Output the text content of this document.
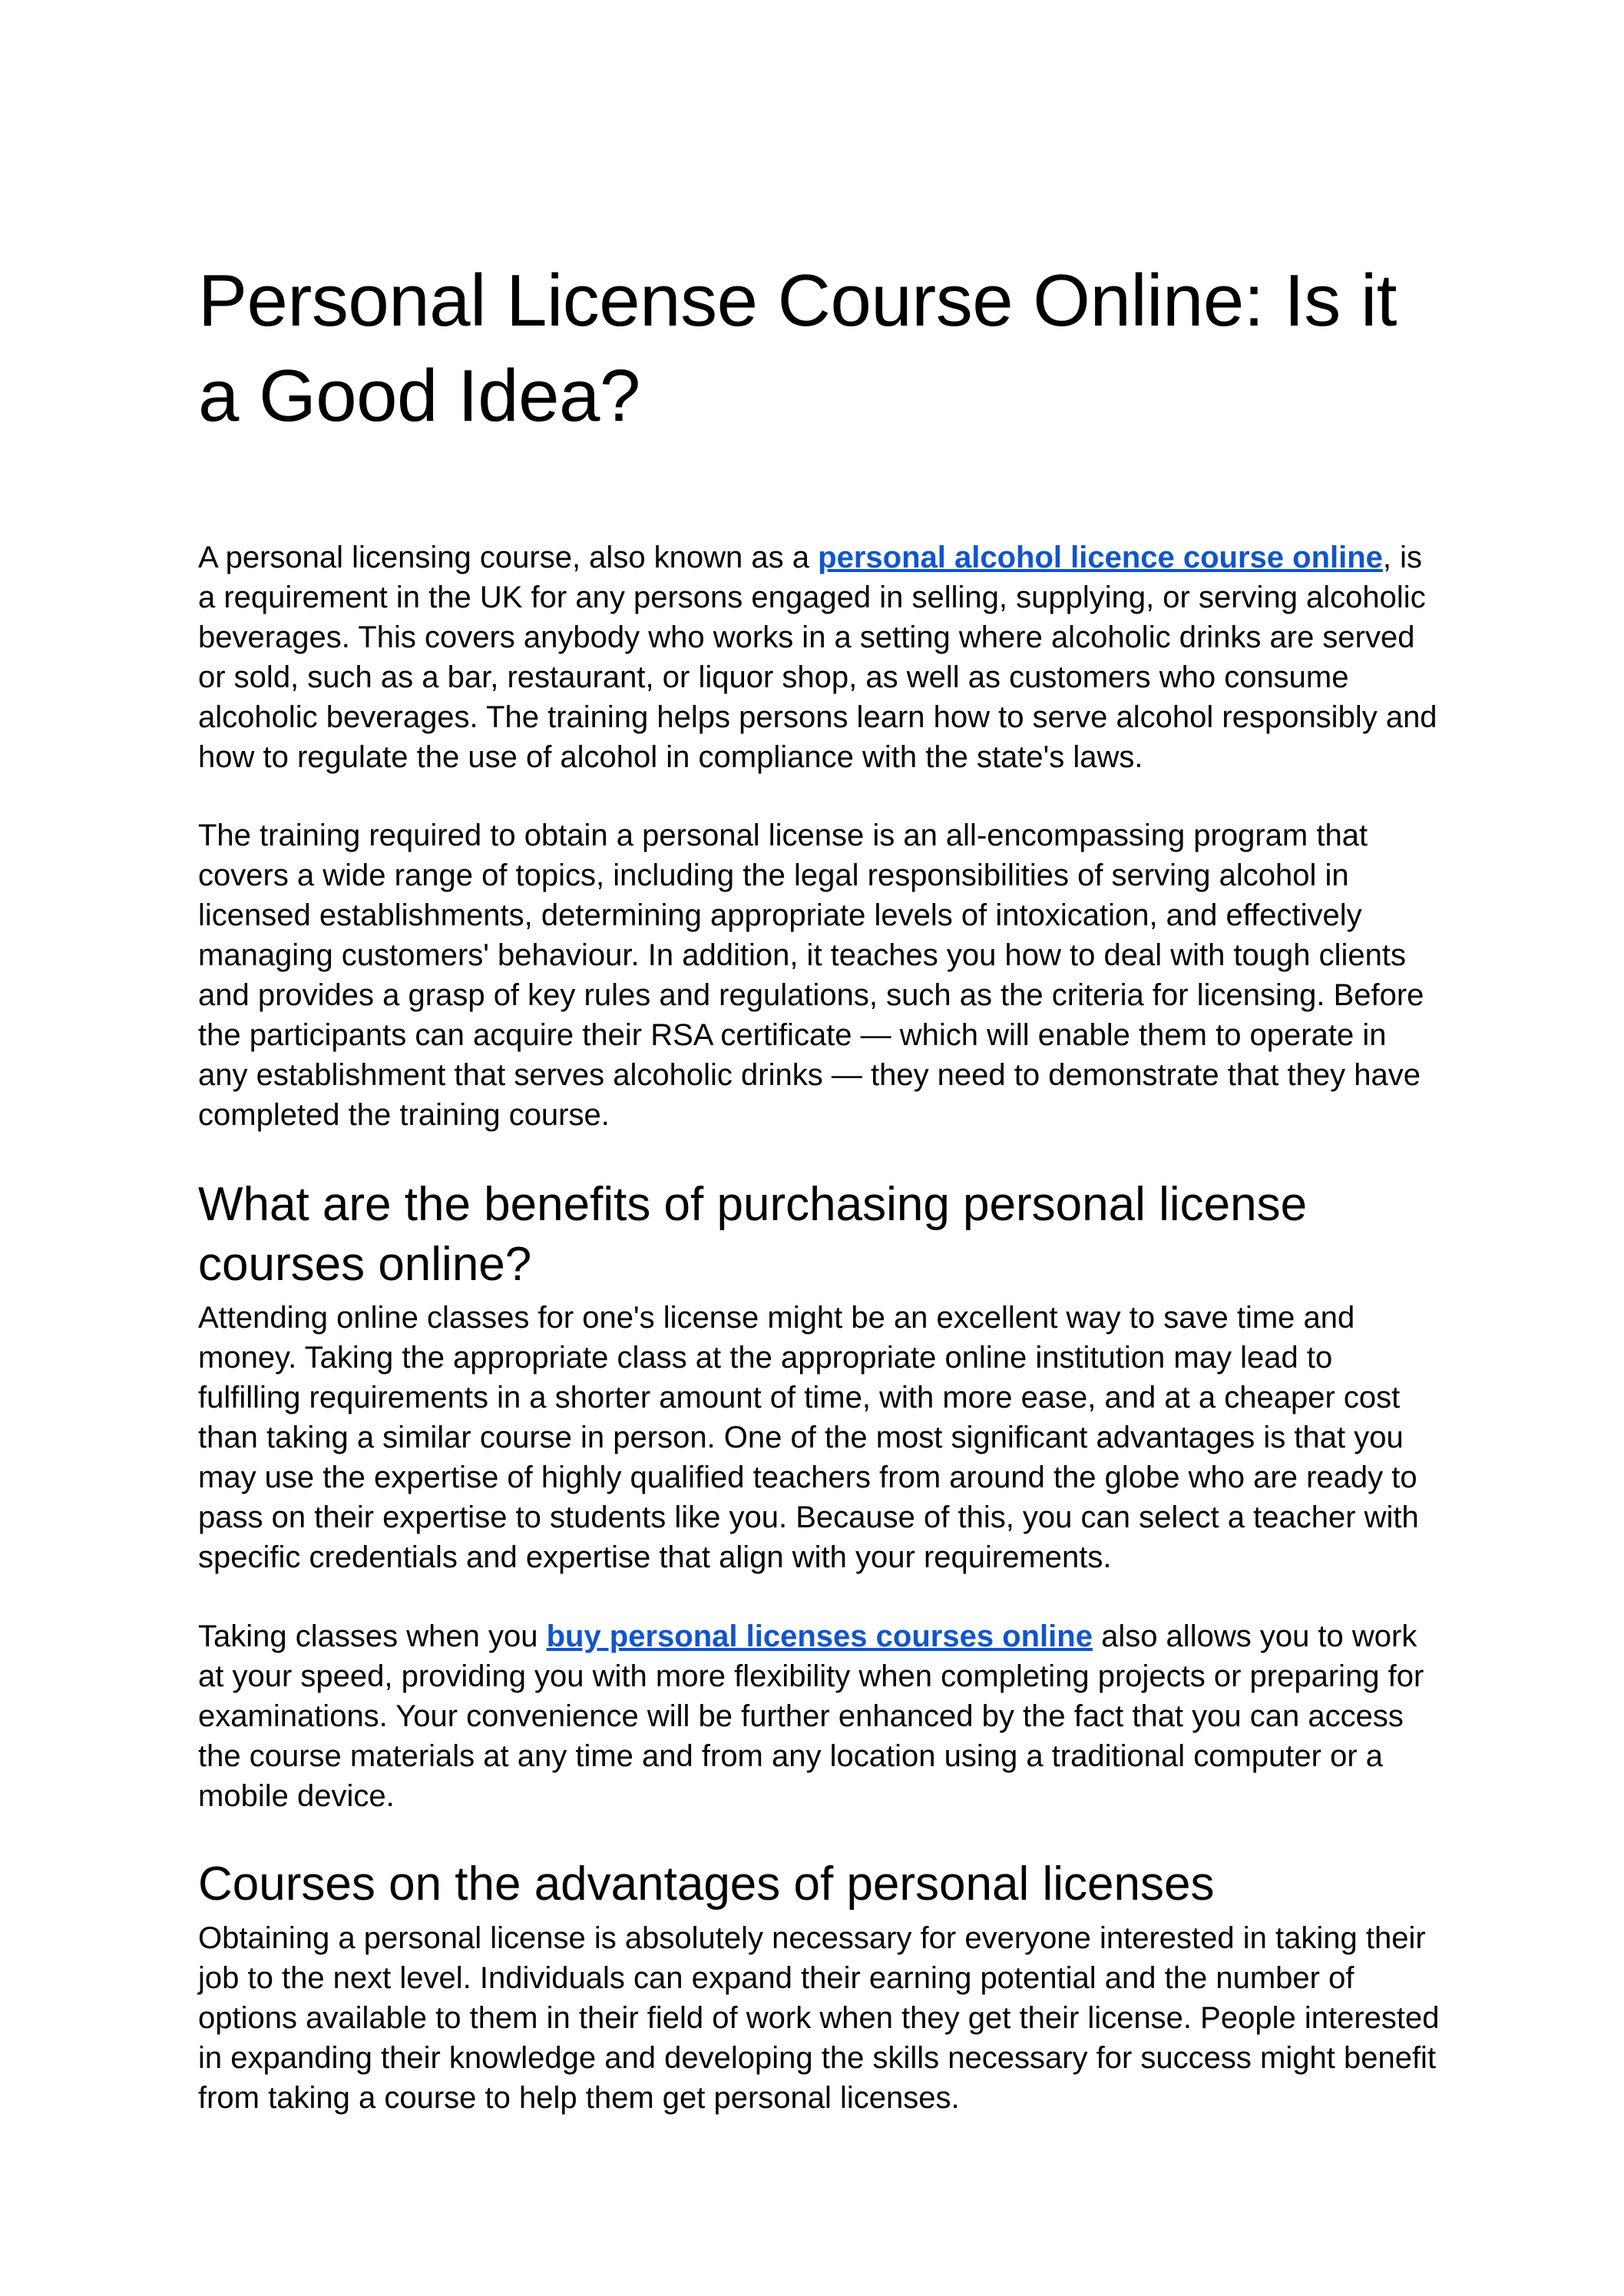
Personal License Course Online: Is it a Good Idea?

A personal licensing course, also known as a personal alcohol licence course online, is a requirement in the UK for any persons engaged in selling, supplying, or serving alcoholic beverages. This covers anybody who works in a setting where alcoholic drinks are served or sold, such as a bar, restaurant, or liquor shop, as well as customers who consume alcoholic beverages. The training helps persons learn how to serve alcohol responsibly and how to regulate the use of alcohol in compliance with the state's laws.

The training required to obtain a personal license is an all-encompassing program that covers a wide range of topics, including the legal responsibilities of serving alcohol in licensed establishments, determining appropriate levels of intoxication, and effectively managing customers' behaviour. In addition, it teaches you how to deal with tough clients and provides a grasp of key rules and regulations, such as the criteria for licensing. Before the participants can acquire their RSA certificate — which will enable them to operate in any establishment that serves alcoholic drinks — they need to demonstrate that they have completed the training course.

What are the benefits of purchasing personal license courses online?

Attending online classes for one's license might be an excellent way to save time and money. Taking the appropriate class at the appropriate online institution may lead to fulfilling requirements in a shorter amount of time, with more ease, and at a cheaper cost than taking a similar course in person. One of the most significant advantages is that you may use the expertise of highly qualified teachers from around the globe who are ready to pass on their expertise to students like you. Because of this, you can select a teacher with specific credentials and expertise that align with your requirements.

Taking classes when you buy personal licenses courses online also allows you to work at your speed, providing you with more flexibility when completing projects or preparing for examinations. Your convenience will be further enhanced by the fact that you can access the course materials at any time and from any location using a traditional computer or a mobile device.

Courses on the advantages of personal licenses

Obtaining a personal license is absolutely necessary for everyone interested in taking their job to the next level. Individuals can expand their earning potential and the number of options available to them in their field of work when they get their license. People interested in expanding their knowledge and developing the skills necessary for success might benefit from taking a course to help them get personal licenses.
